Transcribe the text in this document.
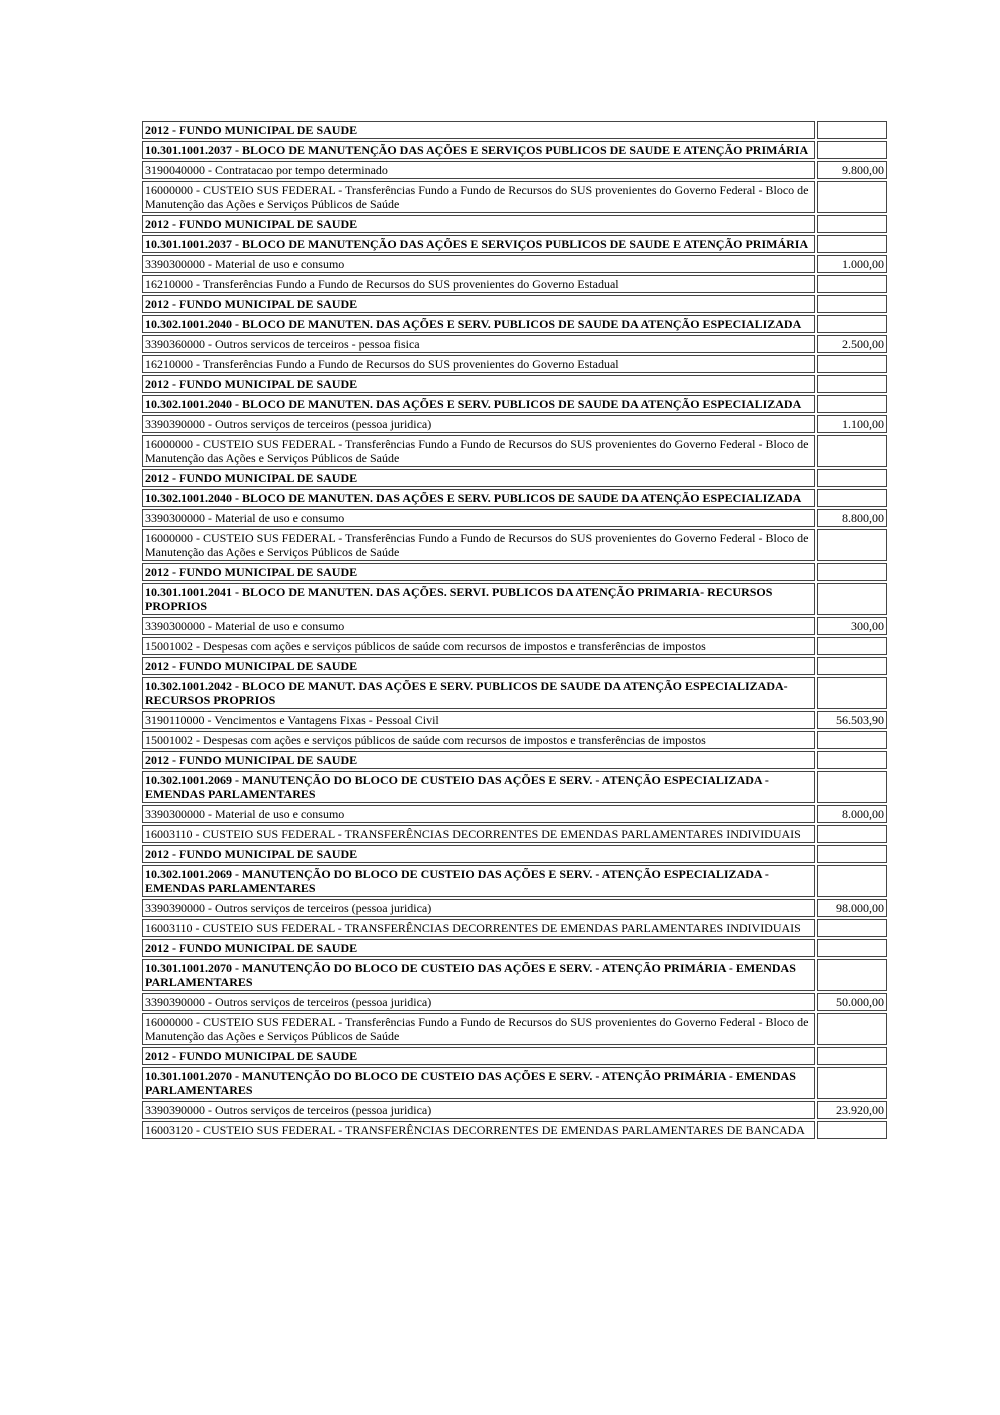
2012 - FUNDO MUNICIPAL DE SAUDE	
10.301.1001.2037 - BLOCO DE MANUTENÇÃO DAS AÇÕES E SERVIÇOS PUBLICOS DE SAUDE E ATENÇÃO PRIMÁRIA	
3190040000 - Contratacao por tempo determinado	9.800,00
16000000 - CUSTEIO SUS FEDERAL - Transferências Fundo a Fundo de Recursos do SUS provenientes do Governo Federal - Bloco de Manutenção das Ações e Serviços Públicos de Saúde	
2012 - FUNDO MUNICIPAL DE SAUDE	
10.301.1001.2037 - BLOCO DE MANUTENÇÃO DAS AÇÕES E SERVIÇOS PUBLICOS DE SAUDE E ATENÇÃO PRIMÁRIA	
3390300000 - Material de uso e consumo	1.000,00
16210000 - Transferências Fundo a Fundo de Recursos do SUS provenientes do Governo Estadual	
2012 - FUNDO MUNICIPAL DE SAUDE	
10.302.1001.2040 - BLOCO DE MANUTEN. DAS AÇÕES E SERV. PUBLICOS DE SAUDE DA ATENÇÃO ESPECIALIZADA	
3390360000 - Outros servicos de terceiros - pessoa fisica	2.500,00
16210000 - Transferências Fundo a Fundo de Recursos do SUS provenientes do Governo Estadual	
2012 - FUNDO MUNICIPAL DE SAUDE	
10.302.1001.2040 - BLOCO DE MANUTEN. DAS AÇÕES E SERV. PUBLICOS DE SAUDE DA ATENÇÃO ESPECIALIZADA	
3390390000 - Outros serviços de terceiros (pessoa juridica)	1.100,00
16000000 - CUSTEIO SUS FEDERAL - Transferências Fundo a Fundo de Recursos do SUS provenientes do Governo Federal - Bloco de Manutenção das Ações e Serviços Públicos de Saúde	
2012 - FUNDO MUNICIPAL DE SAUDE	
10.302.1001.2040 - BLOCO DE MANUTEN. DAS AÇÕES E SERV. PUBLICOS DE SAUDE DA ATENÇÃO ESPECIALIZADA	
3390300000 - Material de uso e consumo	8.800,00
16000000 - CUSTEIO SUS FEDERAL - Transferências Fundo a Fundo de Recursos do SUS provenientes do Governo Federal - Bloco de Manutenção das Ações e Serviços Públicos de Saúde	
2012 - FUNDO MUNICIPAL DE SAUDE	
10.301.1001.2041 - BLOCO DE MANUTEN. DAS AÇÕES. SERVI. PUBLICOS DA ATENÇÃO PRIMARIA- RECURSOS PROPRIOS	
3390300000 - Material de uso e consumo	300,00
15001002 - Despesas com ações e serviços públicos de saúde com recursos de impostos e transferências de impostos	
2012 - FUNDO MUNICIPAL DE SAUDE	
10.302.1001.2042 - BLOCO DE MANUT. DAS AÇÕES E SERV. PUBLICOS DE SAUDE DA ATENÇÃO ESPECIALIZADA- RECURSOS PROPRIOS	
3190110000 - Vencimentos e Vantagens Fixas - Pessoal Civil	56.503,90
15001002 - Despesas com ações e serviços públicos de saúde com recursos de impostos e transferências de impostos	
2012 - FUNDO MUNICIPAL DE SAUDE	
10.302.1001.2069 - MANUTENÇÃO DO BLOCO DE CUSTEIO DAS AÇÕES E SERV. - ATENÇÃO ESPECIALIZADA - EMENDAS PARLAMENTARES	
3390300000 - Material de uso e consumo	8.000,00
16003110 - CUSTEIO SUS FEDERAL - TRANSFERÊNCIAS DECORRENTES DE EMENDAS PARLAMENTARES INDIVIDUAIS	
2012 - FUNDO MUNICIPAL DE SAUDE	
10.302.1001.2069 - MANUTENÇÃO DO BLOCO DE CUSTEIO DAS AÇÕES E SERV. - ATENÇÃO ESPECIALIZADA - EMENDAS PARLAMENTARES	
3390390000 - Outros serviços de terceiros (pessoa juridica)	98.000,00
16003110 - CUSTEIO SUS FEDERAL - TRANSFERÊNCIAS DECORRENTES DE EMENDAS PARLAMENTARES INDIVIDUAIS	
2012 - FUNDO MUNICIPAL DE SAUDE	
10.301.1001.2070 - MANUTENÇÃO DO BLOCO DE CUSTEIO DAS AÇÕES E SERV. - ATENÇÃO PRIMÁRIA - EMENDAS PARLAMENTARES	
3390390000 - Outros serviços de terceiros (pessoa juridica)	50.000,00
16000000 - CUSTEIO SUS FEDERAL - Transferências Fundo a Fundo de Recursos do SUS provenientes do Governo Federal - Bloco de Manutenção das Ações e Serviços Públicos de Saúde	
2012 - FUNDO MUNICIPAL DE SAUDE	
10.301.1001.2070 - MANUTENÇÃO DO BLOCO DE CUSTEIO DAS AÇÕES E SERV. - ATENÇÃO PRIMÁRIA - EMENDAS PARLAMENTARES	
3390390000 - Outros serviços de terceiros (pessoa juridica)	23.920,00
16003120 - CUSTEIO SUS FEDERAL - TRANSFERÊNCIAS DECORRENTES DE EMENDAS PARLAMENTARES DE BANCADA	
